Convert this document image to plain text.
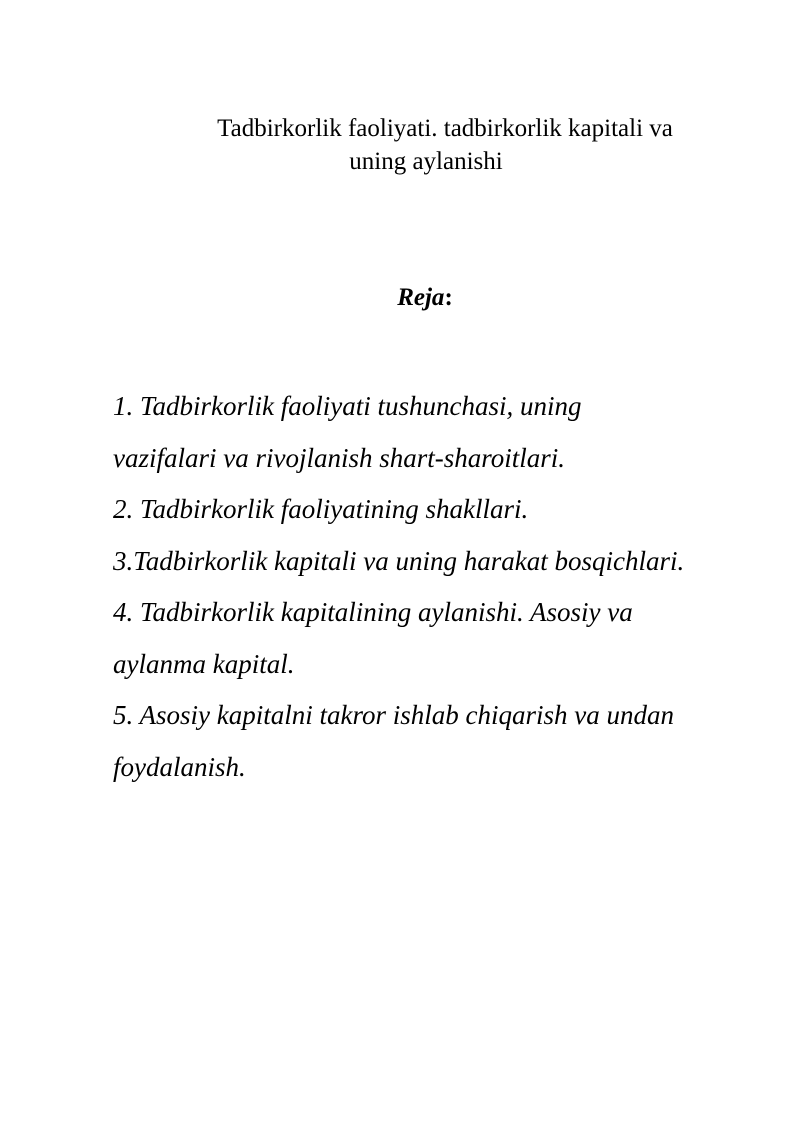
Tadbirkorlik faoliyati. tadbirkorlik kapitali va
uning aylanishi
Reja:
1. Tadbirkorlik faoliyati tushunchasi, uning
vazifalari va rivojlanish shart-sharoitlari.
2. Tadbirkorlik faoliyatining shakllari.
3.Tadbirkorlik kapitali va uning harakat bosqichlari.
4. Tadbirkorlik kapitalining aylanishi. Asosiy va
aylanma kapital.
5. Asosiy kapitalni takror ishlab chiqarish va undan
foydalanish.
